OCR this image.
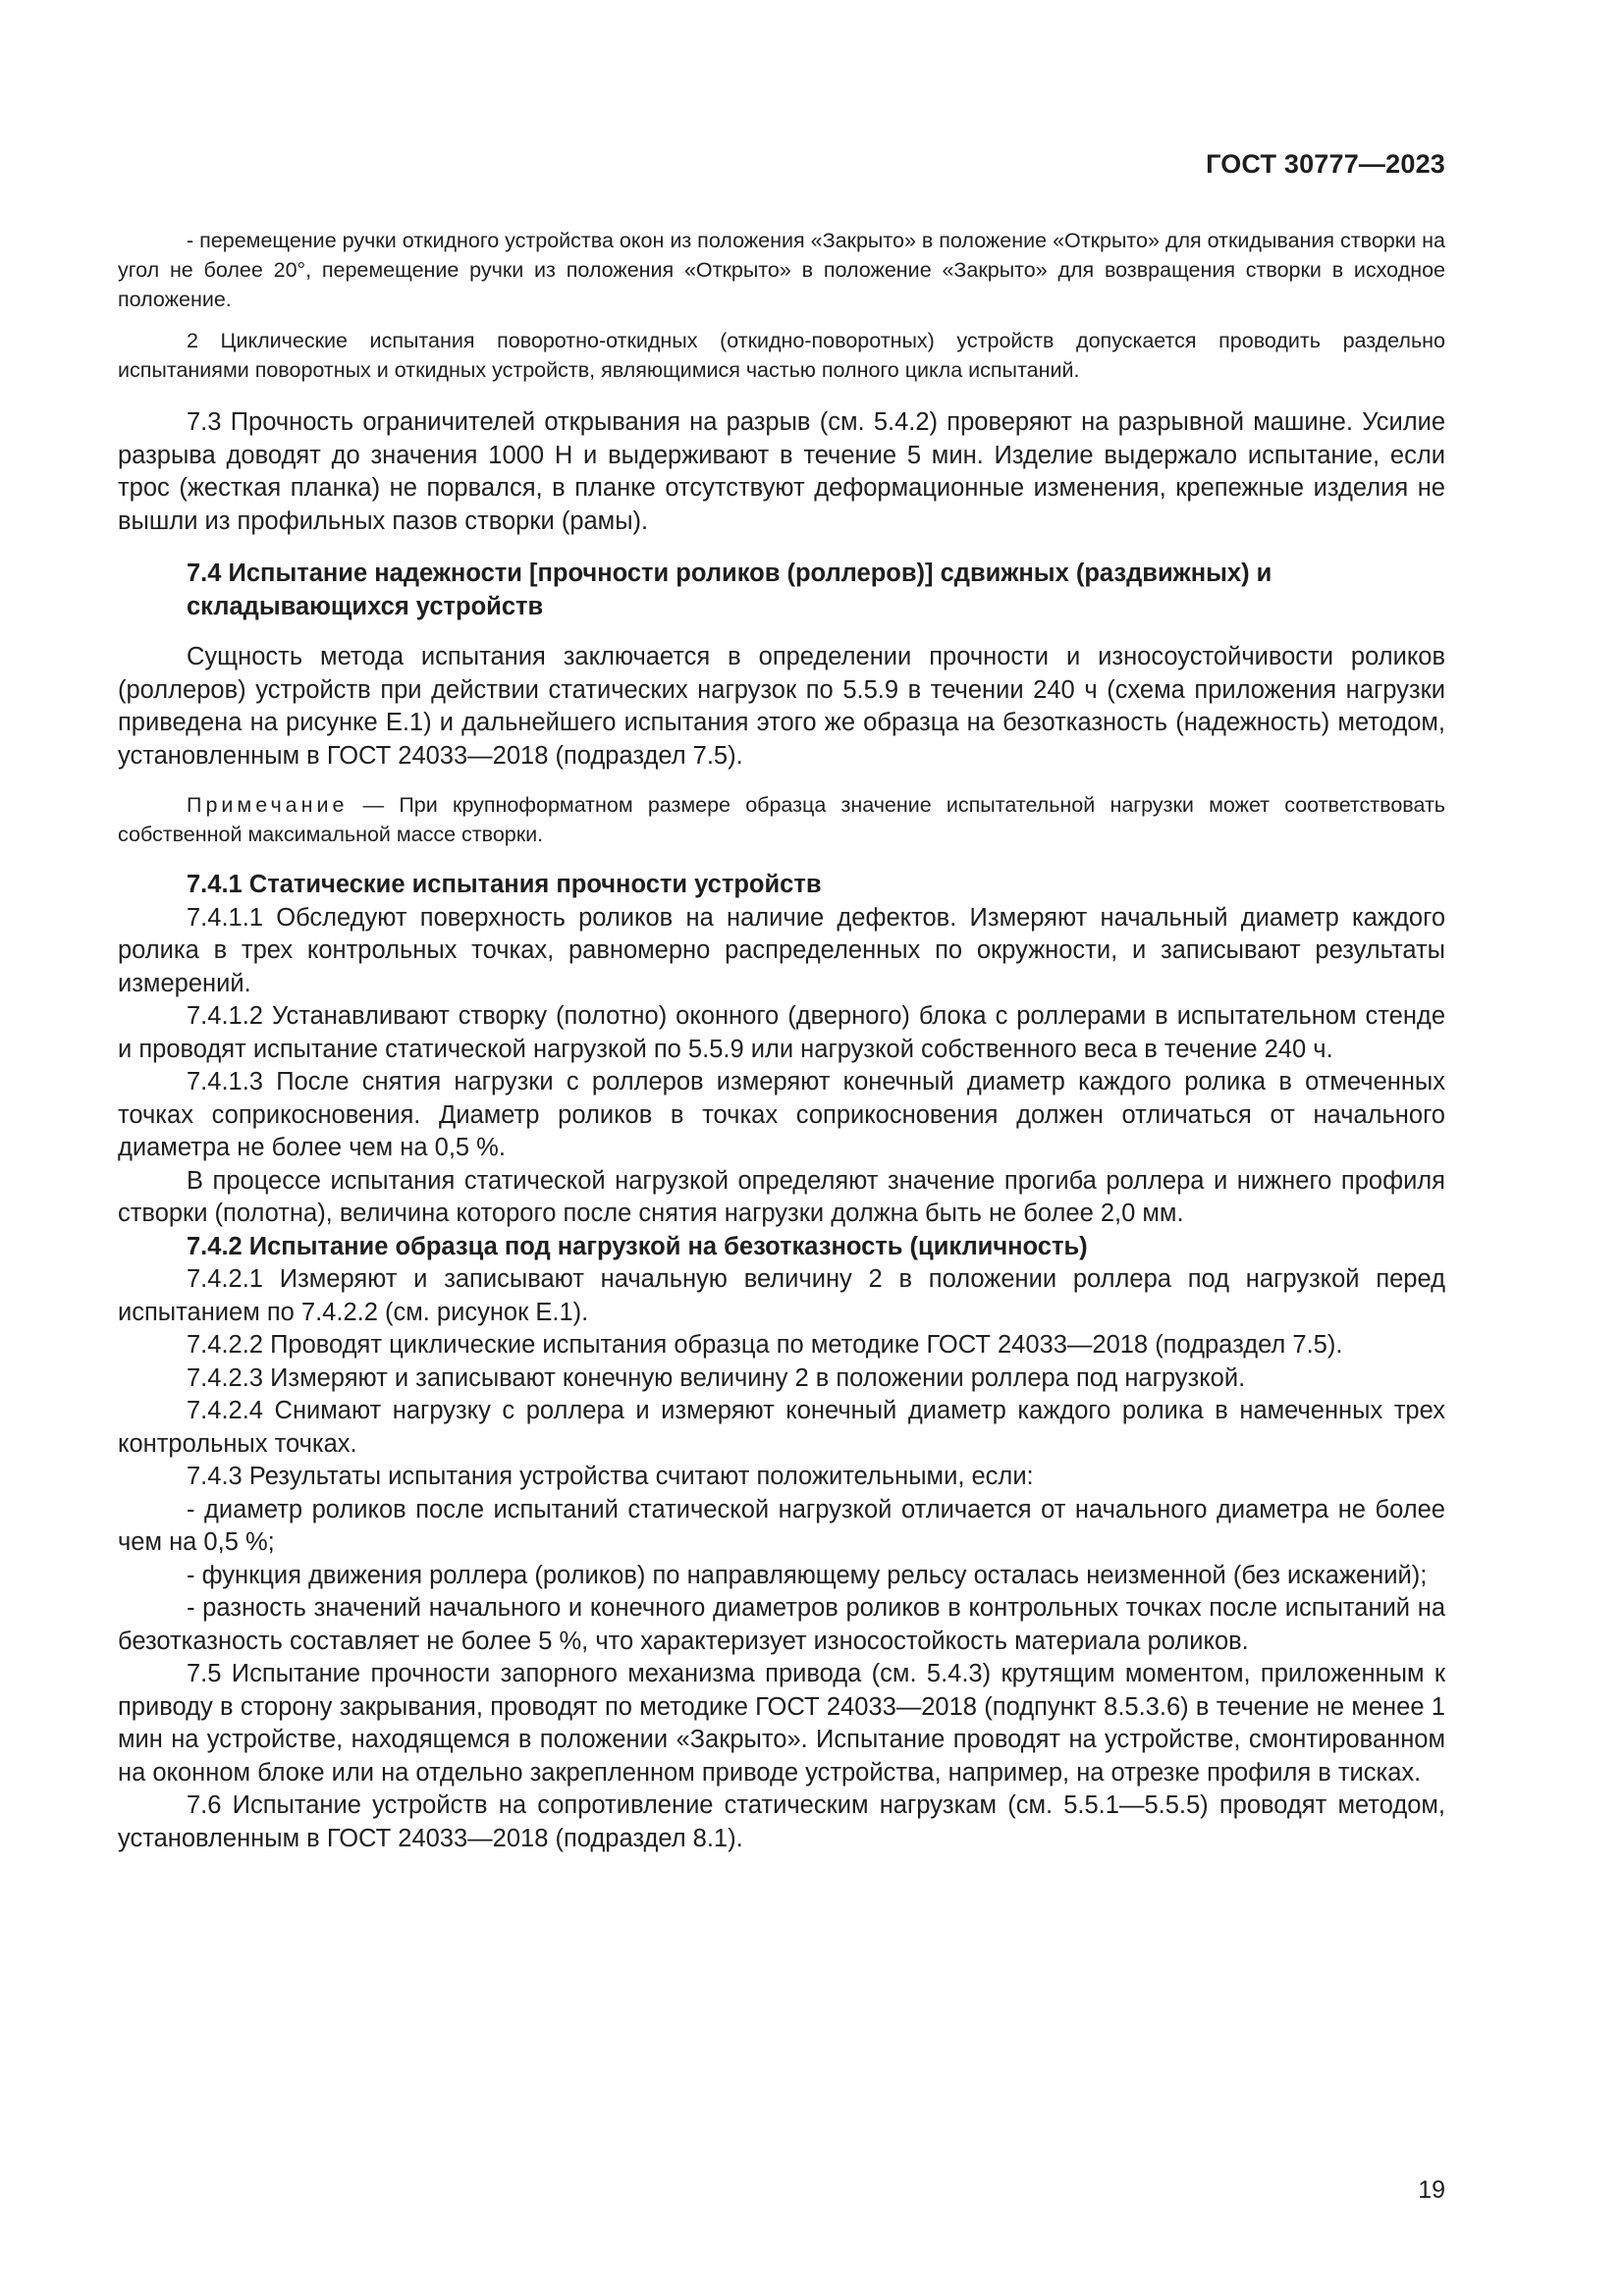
ГОСТ 30777—2023

- перемещение ручки откидного устройства окон из положения «Закрыто» в положение «Открыто» для откидывания створки на угол не более 20°, перемещение ручки из положения «Открыто» в положение «Закрыто» для возвращения створки в исходное положение.

2 Циклические испытания поворотно-откидных (откидно-поворотных) устройств допускается проводить раздельно испытаниями поворотных и откидных устройств, являющимися частью полного цикла испытаний.

7.3 Прочность ограничителей открывания на разрыв (см. 5.4.2) проверяют на разрывной машине. Усилие разрыва доводят до значения 1000 Н и выдерживают в течение 5 мин. Изделие выдержало испытание, если трос (жесткая планка) не порвался, в планке отсутствуют деформационные изменения, крепежные изделия не вышли из профильных пазов створки (рамы).

7.4 Испытание надежности [прочности роликов (роллеров)] сдвижных (раздвижных) и складывающихся устройств

Сущность метода испытания заключается в определении прочности и износоустойчивости роликов (роллеров) устройств при действии статических нагрузок по 5.5.9 в течении 240 ч (схема приложения нагрузки приведена на рисунке Е.1) и дальнейшего испытания этого же образца на безотказность (надежность) методом, установленным в ГОСТ 24033—2018 (подраздел 7.5).

Примечание — При крупноформатном размере образца значение испытательной нагрузки может соответствовать собственной максимальной массе створки.

7.4.1 Статические испытания прочности устройств

7.4.1.1 Обследуют поверхность роликов на наличие дефектов. Измеряют начальный диаметр каждого ролика в трех контрольных точках, равномерно распределенных по окружности, и записывают результаты измерений.

7.4.1.2 Устанавливают створку (полотно) оконного (дверного) блока с роллерами в испытательном стенде и проводят испытание статической нагрузкой по 5.5.9 или нагрузкой собственного веса в течение 240 ч.

7.4.1.3 После снятия нагрузки с роллеров измеряют конечный диаметр каждого ролика в отмеченных точках соприкосновения. Диаметр роликов в точках соприкосновения должен отличаться от начального диаметра не более чем на 0,5 %.

В процессе испытания статической нагрузкой определяют значение прогиба роллера и нижнего профиля створки (полотна), величина которого после снятия нагрузки должна быть не более 2,0 мм.

7.4.2 Испытание образца под нагрузкой на безотказность (цикличность)

7.4.2.1 Измеряют и записывают начальную величину 2 в положении роллера под нагрузкой перед испытанием по 7.4.2.2 (см. рисунок Е.1).

7.4.2.2 Проводят циклические испытания образца по методике ГОСТ 24033—2018 (подраздел 7.5).

7.4.2.3 Измеряют и записывают конечную величину 2 в положении роллера под нагрузкой.

7.4.2.4 Снимают нагрузку с роллера и измеряют конечный диаметр каждого ролика в намеченных трех контрольных точках.

7.4.3 Результаты испытания устройства считают положительными, если:

- диаметр роликов после испытаний статической нагрузкой отличается от начального диаметра не более чем на 0,5 %;

- функция движения роллера (роликов) по направляющему рельсу осталась неизменной (без искажений);

- разность значений начального и конечного диаметров роликов в контрольных точках после испытаний на безотказность составляет не более 5 %, что характеризует износостойкость материала роликов.

7.5 Испытание прочности запорного механизма привода (см. 5.4.3) крутящим моментом, приложенным к приводу в сторону закрывания, проводят по методике ГОСТ 24033—2018 (подпункт 8.5.3.6) в течение не менее 1 мин на устройстве, находящемся в положении «Закрыто». Испытание проводят на устройстве, смонтированном на оконном блоке или на отдельно закрепленном приводе устройства, например, на отрезке профиля в тисках.

7.6 Испытание устройств на сопротивление статическим нагрузкам (см. 5.5.1—5.5.5) проводят методом, установленным в ГОСТ 24033—2018 (подраздел 8.1).

19
